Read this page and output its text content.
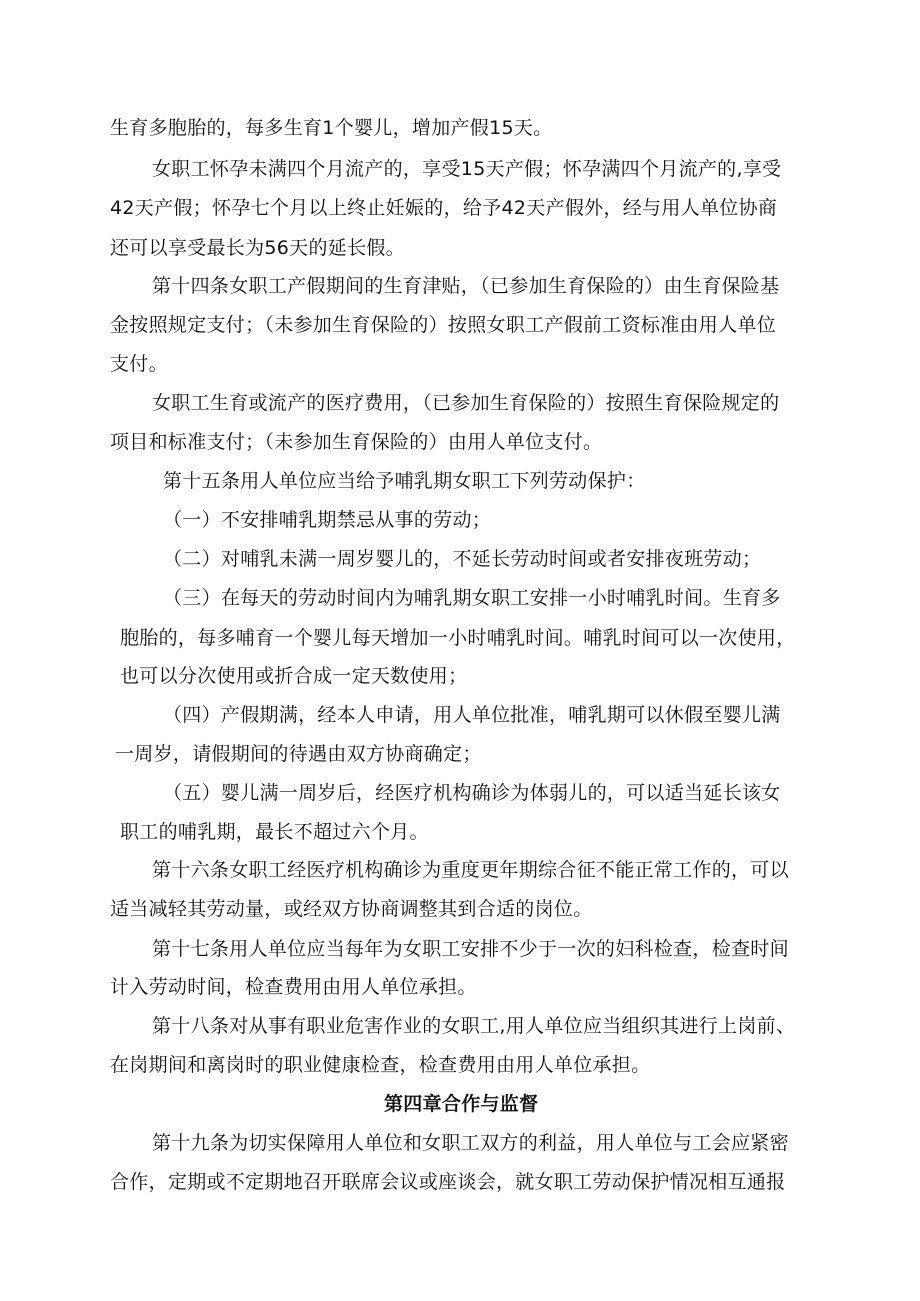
生育多胞胎的，每多生育1个婴儿，增加产假15天。
女职工怀孕未满四个月流产的，享受15天产假；怀孕满四个月流产的,享受
42天产假；怀孕七个月以上终止妊娠的，给予42天产假外，经与用人单位协商
还可以享受最长为56天的延长假。
第十四条女职工产假期间的生育津贴，（已参加生育保险的）由生育保险基
金按照规定支付；（未参加生育保险的）按照女职工产假前工资标准由用人单位
支付。
女职工生育或流产的医疗费用，（已参加生育保险的）按照生育保险规定的
项目和标准支付；（未参加生育保险的）由用人单位支付。
第十五条用人单位应当给予哺乳期女职工下列劳动保护：
（一）不安排哺乳期禁忌从事的劳动；
（二）对哺乳未满一周岁婴儿的，不延长劳动时间或者安排夜班劳动；
（三）在每天的劳动时间内为哺乳期女职工安排一小时哺乳时间。生育多
胞胎的，每多哺育一个婴儿每天增加一小时哺乳时间。哺乳时间可以一次使用，
也可以分次使用或折合成一定天数使用；
（四）产假期满，经本人申请，用人单位批准，哺乳期可以休假至婴儿满
一周岁，请假期间的待遇由双方协商确定；
（五）婴儿满一周岁后，经医疗机构确诊为体弱儿的，可以适当延长该女
职工的哺乳期，最长不超过六个月。
第十六条女职工经医疗机构确诊为重度更年期综合征不能正常工作的，可以
适当减轻其劳动量，或经双方协商调整其到合适的岗位。
第十七条用人单位应当每年为女职工安排不少于一次的妇科检查，检查时间
计入劳动时间，检查费用由用人单位承担。
第十八条对从事有职业危害作业的女职工,用人单位应当组织其进行上岗前、
在岗期间和离岗时的职业健康检查，检查费用由用人单位承担。
第四章合作与监督
第十九条为切实保障用人单位和女职工双方的利益，用人单位与工会应紧密
合作，定期或不定期地召开联席会议或座谈会，就女职工劳动保护情况相互通报
